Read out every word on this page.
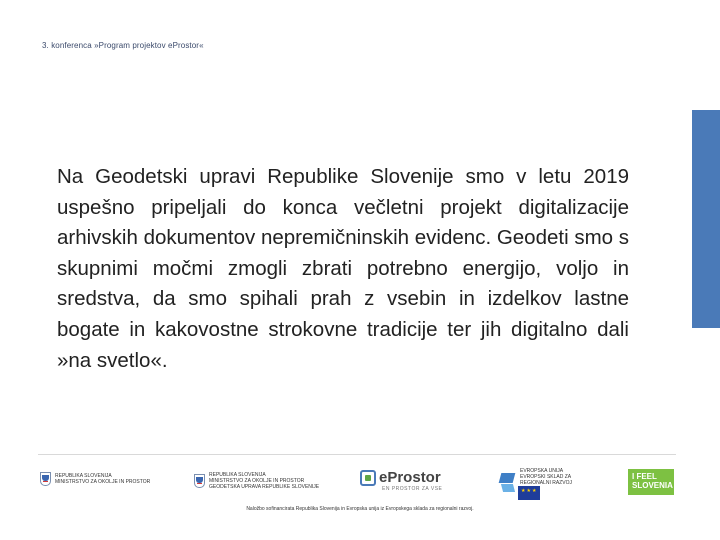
3. konferenca »Program projektov eProstor«
Na Geodetski upravi Republike Slovenije smo v letu 2019 uspešno pripeljali do konca večletni projekt digitalizacije arhivskih dokumentov nepremičninskih evidenc. Geodeti smo s skupnimi močmi zmogli zbrati potrebno energijo, voljo in sredstva, da smo spihali prah z vsebin in izdelkov lastne bogate in kakovostne strokovne tradicije ter jih digitalno dali »na svetlo«.
REPUBLIKA SLOVENIJA
MINISTRSTVO ZA OKOLJE IN PROSTOR
REPUBLIKA SLOVENIJA
MINISTRSTVO ZA OKOLJE IN PROSTOR
GEODETSKA UPRAVA REPUBLIKE SLOVENIJE
eProstor
EN PROSTOR ZA VSE
EVROPSKA UNIJA
EVROPSKI SKLAD ZA
REGIONALNI RAZVOJ
★★★
I FEEL
SLOVENIA
Naložbo sofinancirata Republika Slovenija in Evropska unija iz Evropskega sklada za regionalni razvoj.
